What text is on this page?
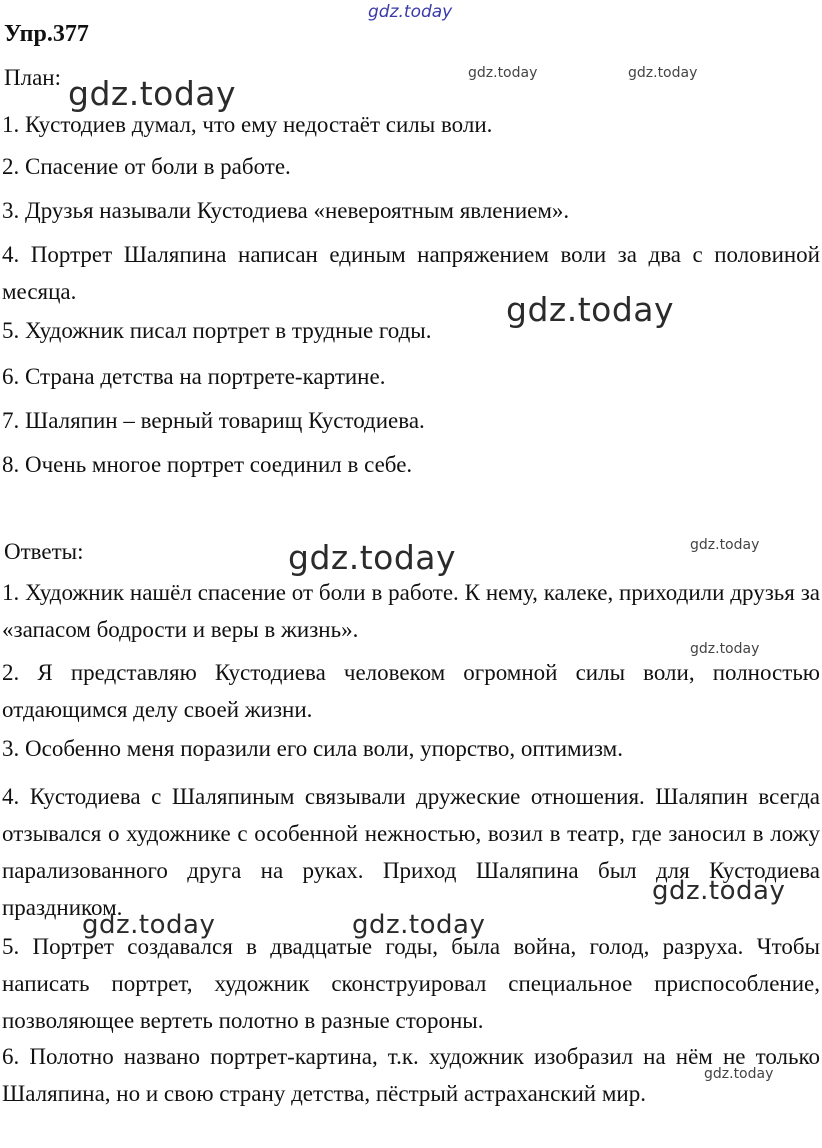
Упр.377
План:
1. Кустодиев думал, что ему недостаёт силы воли.
2. Спасение от боли в работе.
3. Друзья называли Кустодиева «невероятным явлением».
4. Портрет Шаляпина написан единым напряжением воли за два с половиной месяца.
5. Художник писал портрет в трудные годы.
6. Страна детства на портрете-картине.
7. Шаляпин – верный товарищ Кустодиева.
8. Очень многое портрет соединил в себе.
Ответы:
1. Художник нашёл спасение от боли в работе. К нему, калеке, приходили друзья за «запасом бодрости и веры в жизнь».
2. Я представляю Кустодиева человеком огромной силы воли, полностью отдающимся делу своей жизни.
3. Особенно меня поразили его сила воли, упорство, оптимизм.
4. Кустодиева с Шаляпиным связывали дружеские отношения. Шаляпин всегда отзывался о художнике с особенной нежностью, возил в театр, где заносил в ложу парализованного друга на руках. Приход Шаляпина был для Кустодиева праздником.
5. Портрет создавался в двадцатые годы, была война, голод, разруха. Чтобы написать портрет, художник сконструировал специальное приспособление, позволяющее вертеть полотно в разные стороны.
6. Полотно названо портрет-картина, т.к. художник изобразил на нём не только Шаляпина, но и свою страну детства, пёстрый астраханский мир.
gdz.today
gdz.today
gdz.today	gdz.today
gdz.today
gdz.today	gdz.today
gdz.today
gdz.today
gdz.today	gdz.today
gdz.today
